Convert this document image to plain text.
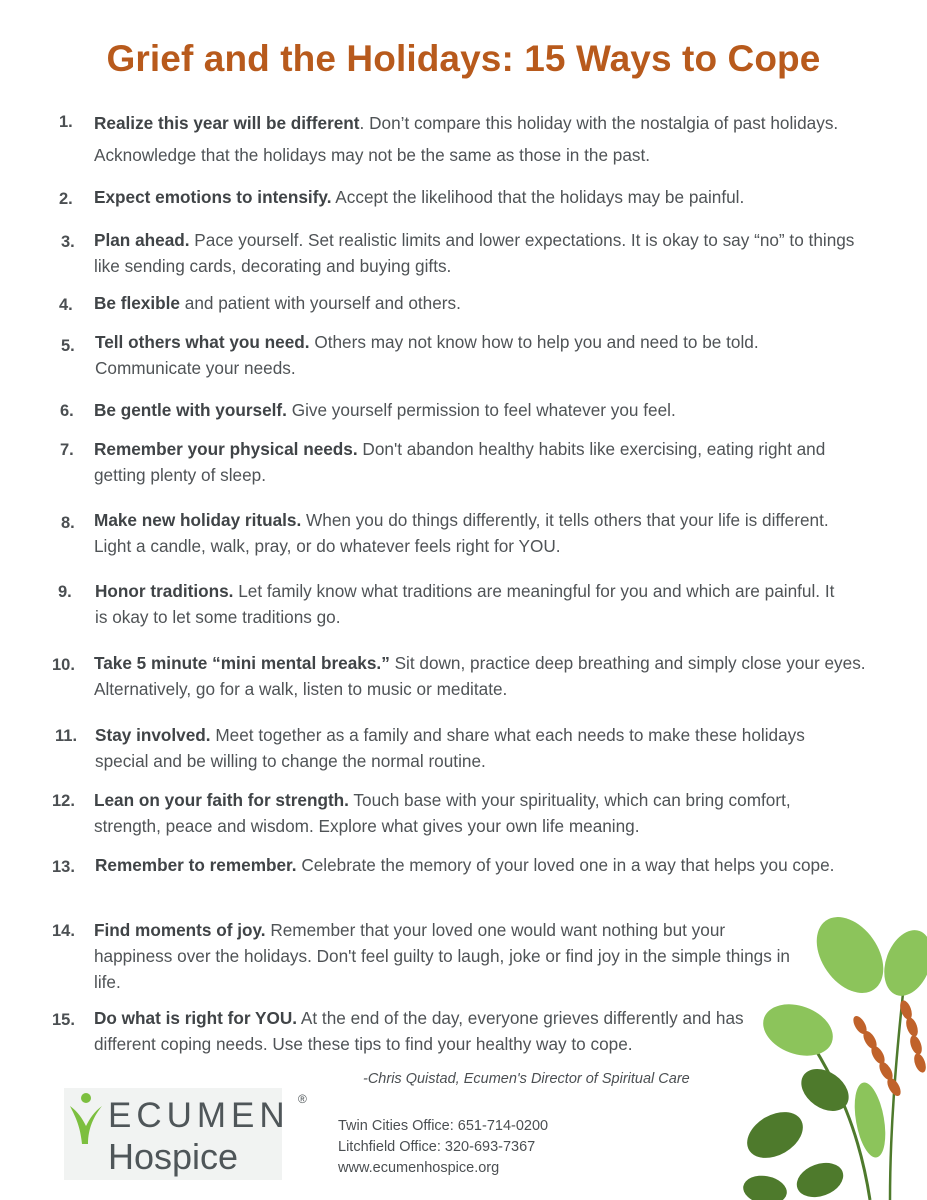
Grief and the Holidays: 15 Ways to Cope
1. Realize this year will be different. Don’t compare this holiday with the nostalgia of past holidays. Acknowledge that the holidays may not be the same as those in the past.
2. Expect emotions to intensify. Accept the likelihood that the holidays may be painful.
3. Plan ahead. Pace yourself. Set realistic limits and lower expectations. It is okay to say “no” to things like sending cards, decorating and buying gifts.
4. Be flexible and patient with yourself and others.
5. Tell others what you need. Others may not know how to help you and need to be told. Communicate your needs.
6. Be gentle with yourself. Give yourself permission to feel whatever you feel.
7. Remember your physical needs. Don't abandon healthy habits like exercising, eating right and getting plenty of sleep.
8. Make new holiday rituals. When you do things differently, it tells others that your life is different. Light a candle, walk, pray, or do whatever feels right for YOU.
9. Honor traditions. Let family know what traditions are meaningful for you and which are painful. It is okay to let some traditions go.
10. Take 5 minute “mini mental breaks.” Sit down, practice deep breathing and simply close your eyes. Alternatively, go for a walk, listen to music or meditate.
11. Stay involved. Meet together as a family and share what each needs to make these holidays special and be willing to change the normal routine.
12. Lean on your faith for strength. Touch base with your spirituality, which can bring comfort, strength, peace and wisdom. Explore what gives your own life meaning.
13. Remember to remember. Celebrate the memory of your loved one in a way that helps you cope.
14. Find moments of joy. Remember that your loved one would want nothing but your happiness over the holidays. Don't feel guilty to laugh, joke or find joy in the simple things in life.
15. Do what is right for YOU. At the end of the day, everyone grieves differently and has different coping needs. Use these tips to find your healthy way to cope.
-Chris Quistad, Ecumen's Director of Spiritual Care
ECUMEN ®
Hospice
Twin Cities Office: 651-714-0200
Litchfield Office: 320-693-7367
www.ecumenhospice.org
